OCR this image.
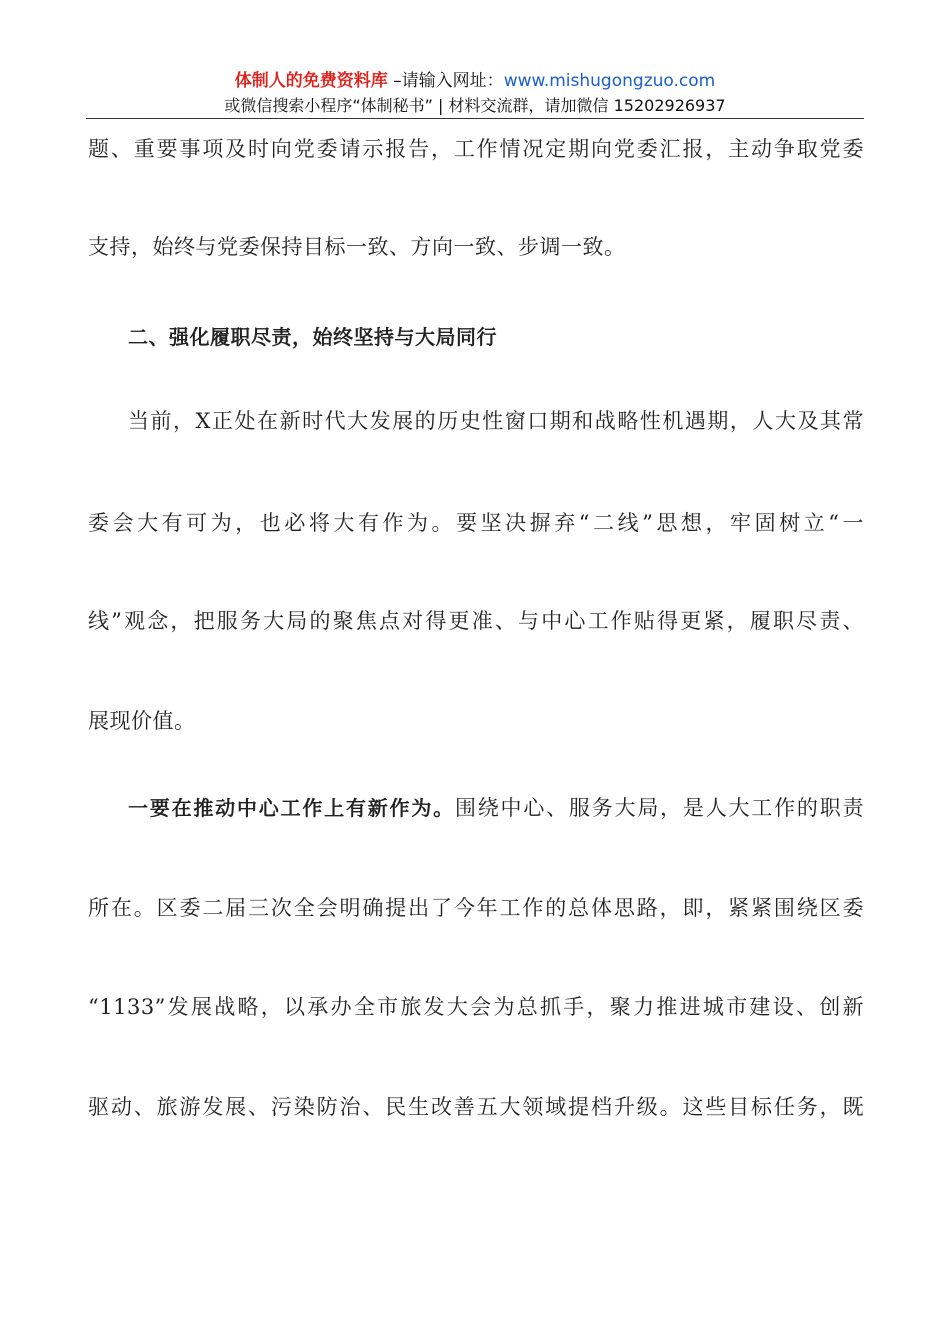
体制人的免费资料库 –请输入网址：www.mishugongzuo.com
或微信搜索小程序“体制秘书” | 材料交流群，请加微信 15202926937
题、重要事项及时向党委请示报告，工作情况定期向党委汇报，主动争取党委
支持，始终与党委保持目标一致、方向一致、步调一致。
二、强化履职尽责，始终坚持与大局同行
当前，X正处在新时代大发展的历史性窗口期和战略性机遇期，人大及其常
委会大有可为，也必将大有作为。要坚决摒弃“二线”思想，牢固树立“一
线”观念，把服务大局的聚焦点对得更准、与中心工作贴得更紧，履职尽责、
展现价值。
一要在推动中心工作上有新作为。围绕中心、服务大局，是人大工作的职责
所在。区委二届三次全会明确提出了今年工作的总体思路，即，紧紧围绕区委
“1133”发展战略，以承办全市旅发大会为总抓手，聚力推进城市建设、创新
驱动、旅游发展、污染防治、民生改善五大领域提档升级。这些目标任务，既
